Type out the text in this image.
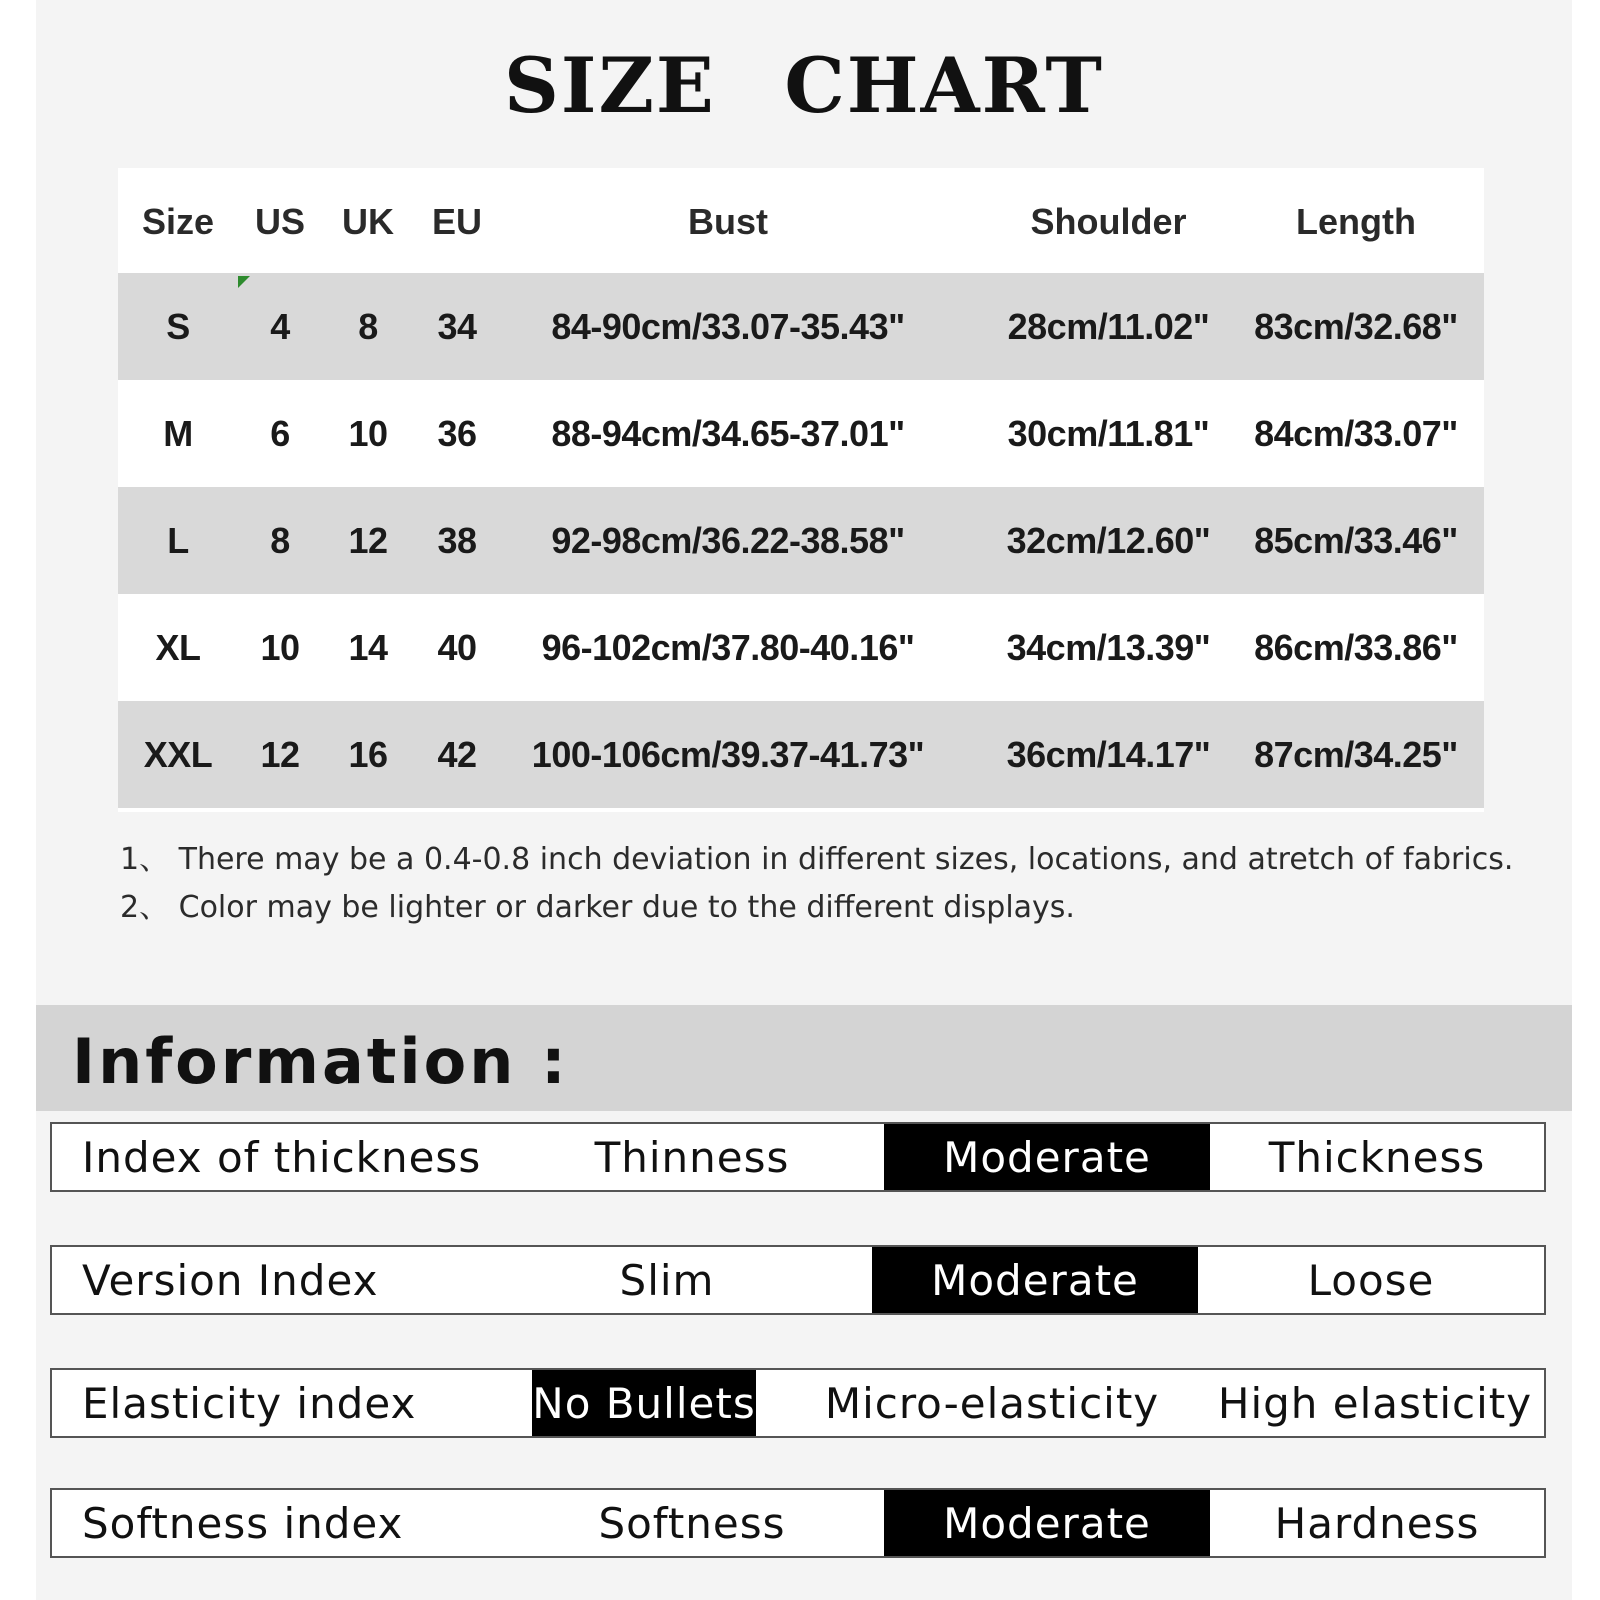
SIZE CHART
Size	US	UK	EU	Bust	Shoulder	Length
S	4	8	34	84-90cm/33.07-35.43"	28cm/11.02"	83cm/32.68"
M	6	10	36	88-94cm/34.65-37.01"	30cm/11.81"	84cm/33.07"
L	8	12	38	92-98cm/36.22-38.58"	32cm/12.60"	85cm/33.46"
XL	10	14	40	96-102cm/37.80-40.16"	34cm/13.39"	86cm/33.86"
XXL	12	16	42	100-106cm/39.37-41.73"	36cm/14.17"	87cm/34.25"
1、 There may be a 0.4-0.8 inch deviation in different sizes, locations, and atretch of fabrics.
2、 Color may be lighter or darker due to the different displays.
Information :
Index of thickness	Thinness	Moderate	Thickness
Version Index	Slim	Moderate	Loose
Elasticity index	No Bullets	Micro-elasticity	High elasticity
Softness index	Softness	Moderate	Hardness
